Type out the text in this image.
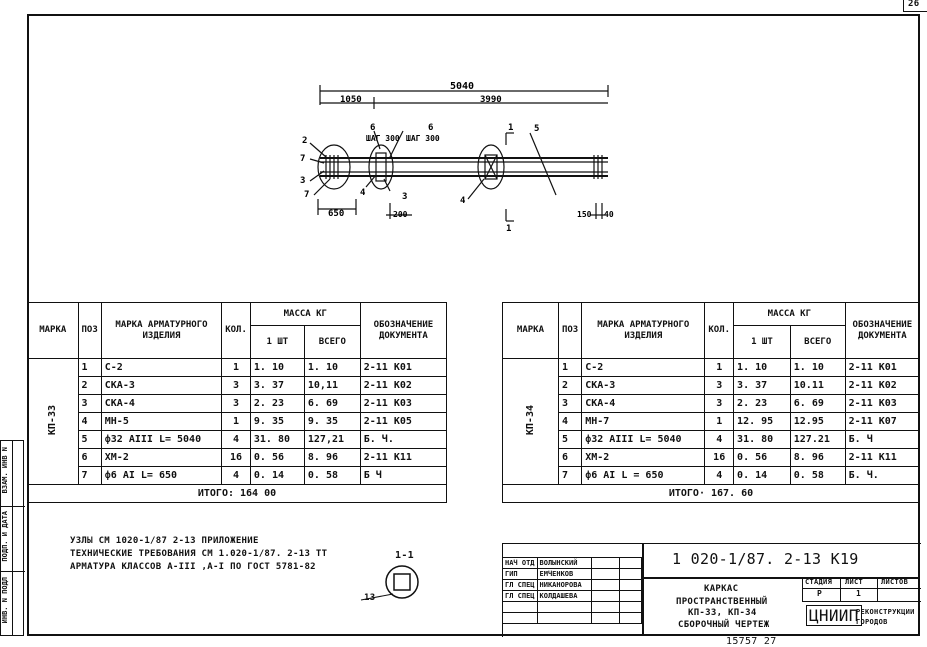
26
ВЗАМ. ИНВ N
ПОДП. И ДАТА
ИНВ. N ПОДЛ
5040
1050	3990
650	200	150 40
ШАГ 300 ШАГ 300
2
7
3
7
6	6
4	3	4
1
1
5
МАРКА	ПОЗ	МАРКА АРМАТУРНОГО ИЗДЕЛИЯ	КОЛ.	МАССА КГ		ОБОЗНАЧЕНИЕ ДОКУМЕНТА
				1 ШТ	ВСЕГО	
КП-33	1	С-2	1	1. 10	1. 10	2-11 К01
	2	СКА-3	3	3. 37	10,11	2-11 К02
	3	СКА-4	3	2. 23	6. 69	2-11 К03
	4	МН-5	1	9. 35	9. 35	2-11 К05
	5	ф32 АIII L= 5040	4	31. 80	127,21	Б. Ч.
	6	ХМ-2	16	0. 56	8. 96	2-11 К11
	7	ф6 АI L= 650	4	0. 14	0. 58	Б Ч
ИТОГО: 164 00						
МАРКА	ПОЗ	МАРКА АРМАТУРНОГО ИЗДЕЛИЯ	КОЛ.	МАССА КГ		ОБОЗНАЧЕНИЕ ДОКУМЕНТА
				1 ШТ	ВСЕГО	
КП-34	1	С-2	1	1. 10	1. 10	2-11 К01
	2	СКА-3	3	3. 37	10.11	2-11 К02
	3	СКА-4	3	2. 23	6. 69	2-11 К03
	4	МН-7	1	12. 95	12.95	2-11 К07
	5	ф32 АIII L= 5040	4	31. 80	127.21	Б. Ч
	6	ХМ-2	16	0. 56	8. 96	2-11 К11
	7	ф6 АI L = 650	4	0. 14	0. 58	Б. Ч.
ИТОГО· 167. 60						
УЗЛЫ СМ 1020-1/87 2-13 ПРИЛОЖЕНИЕ
ТЕХНИЧЕСКИЕ ТРЕБОВАНИЯ СМ 1.020-1/87. 2-13 ТТ
АРМАТУРА КЛАССОВ А-III ,А-I ПО ГОСТ 5781-82
1-1
13
НАЧ ОТД	ВОЛЫНСКИЙ		
ГИП	ЕМЧЕНКОВ		
ГЛ СПЕЦ	НИКАНОРОВА		
ГЛ СПЕЦ	КОЛДАШЕВА		

1 020-1/87. 2-13 К19
КАРКАС
ПРОСТРАНСТВЕННЫЙ
КП-33, КП-34
СБОРОЧНЫЙ ЧЕРТЕЖ
СТАДИЯ ЛИСТ	ЛИСТОВ
Р	1
ЦНИИП
РЕКОНСТРУКЦИИ ГОРОДОВ
15757 27
